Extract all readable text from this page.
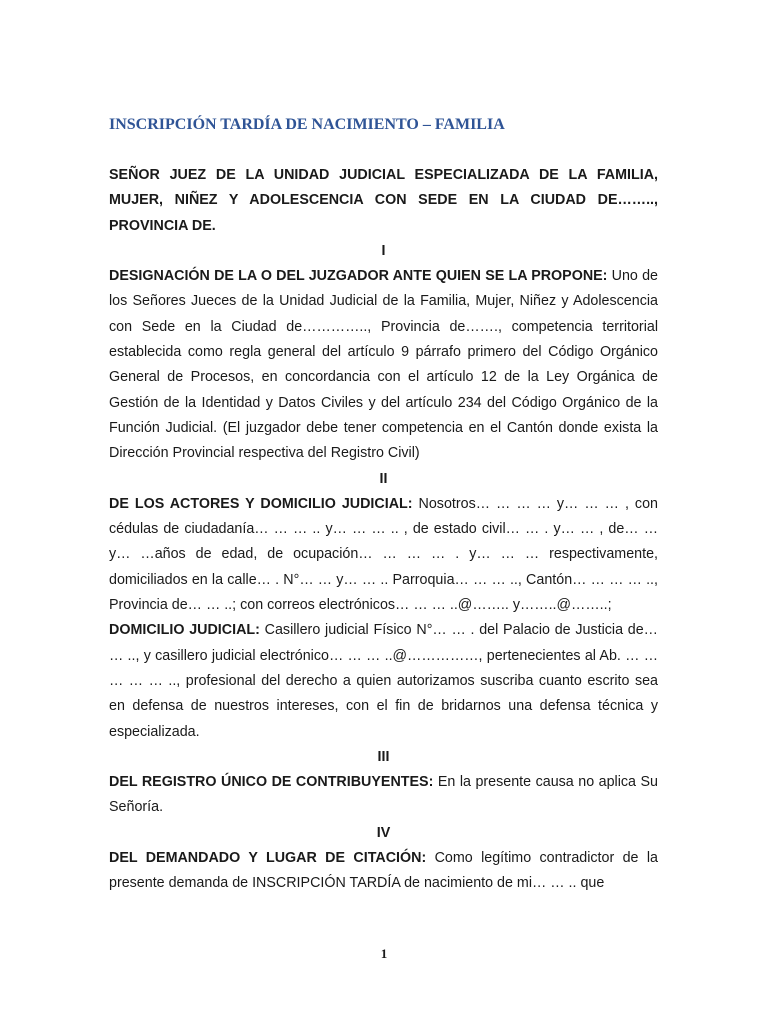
INSCRIPCIÓN TARDÍA DE NACIMIENTO – FAMILIA

SEÑOR JUEZ DE LA UNIDAD JUDICIAL ESPECIALIZADA DE LA FAMILIA, MUJER, NIÑEZ Y ADOLESCENCIA CON SEDE EN LA CIUDAD DE…….., PROVINCIA DE.

I

DESIGNACIÓN DE LA O DEL JUZGADOR ANTE QUIEN SE LA PROPONE: Uno de los Señores Jueces de la Unidad Judicial de la Familia, Mujer, Niñez y Adolescencia con Sede en la Ciudad de………….., Provincia de……., competencia territorial establecida como regla general del artículo 9 párrafo primero del Código Orgánico General de Procesos, en concordancia con el artículo 12 de la Ley Orgánica de Gestión de la Identidad y Datos Civiles y del artículo 234 del Código Orgánico de la Función Judicial. (El juzgador debe tener competencia en el Cantón donde exista la Dirección Provincial respectiva del Registro Civil)

II

DE LOS ACTORES Y DOMICILIO JUDICIAL: Nosotros… … … … y… … … , con cédulas de ciudadanía… … … .. y… … … .. , de estado civil… … . y… … , de… … y… …años de edad, de ocupación… … … … . y… … … respectivamente, domiciliados en la calle… . N°… … y… … .. Parroquia… … … .., Cantón… … … … .., Provincia de… … ..; con correos electrónicos… … … ..@…….. y……..@……..;

DOMICILIO JUDICIAL: Casillero judicial Físico N°… … . del Palacio de Justicia de… … .., y casillero judicial electrónico… … … ..@……………, pertenecientes al Ab. … … … … … .., profesional del derecho a quien autorizamos suscriba cuanto escrito sea en defensa de nuestros intereses, con el fin de bridarnos una defensa técnica y especializada.

III

DEL REGISTRO ÚNICO DE CONTRIBUYENTES: En la presente causa no aplica Su Señoría.

IV

DEL DEMANDADO Y LUGAR DE CITACIÓN: Como legítimo contradictor de la presente demanda de INSCRIPCIÓN TARDÍA de nacimiento de mi… … .. que

1
